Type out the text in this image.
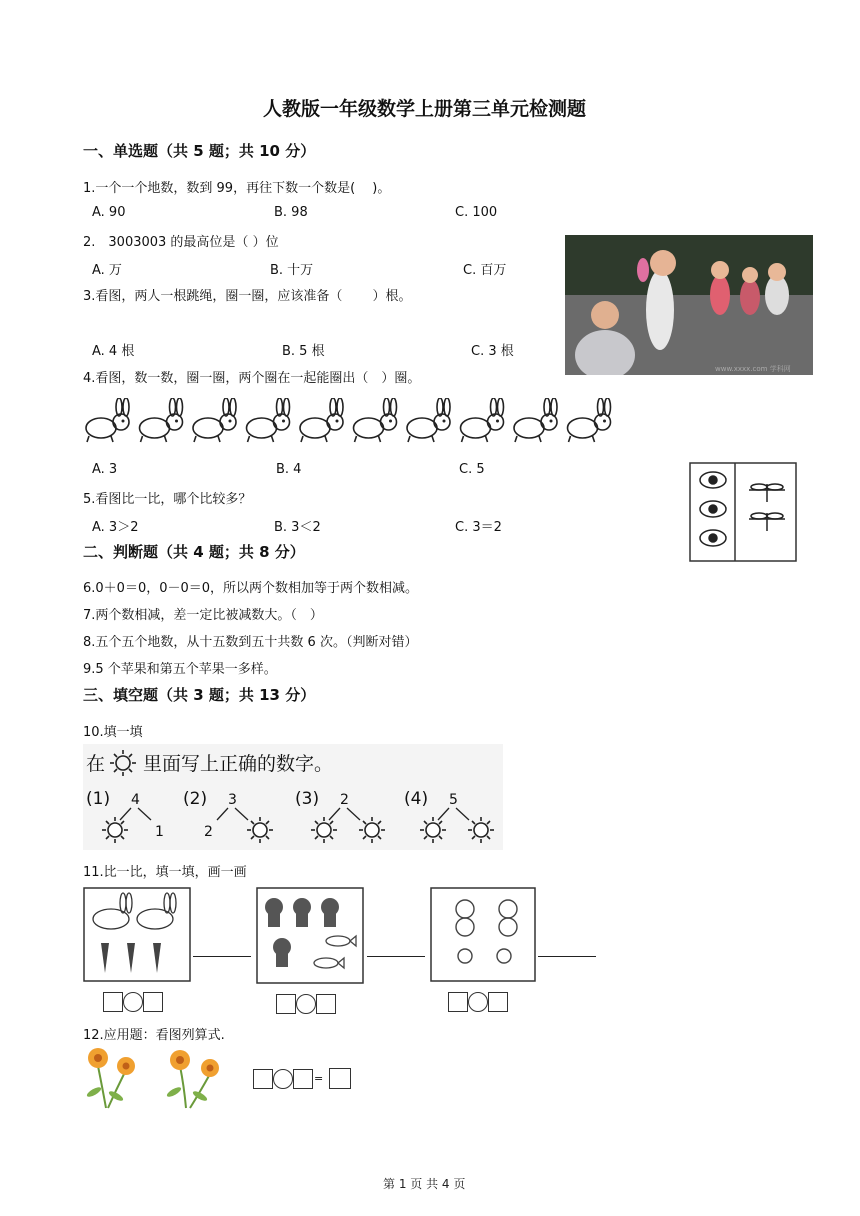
人教版一年级数学上册第三单元检测题
一、单选题（共 5 题；共 10 分）
1.一个一个地数，数到 99，再往下数一个数是(　 )。
A. 90	B. 98	C. 100
2.　3003003 的最高位是（ ）位
A. 万	B. 十万	C. 百万
www.xxxx.com 学科网
3.看图，两人一根跳绳，圈一圈，应该准备（　　 ）根。
A. 4 根	B. 5 根	C. 3 根
4.看图，数一数，圈一圈，两个圈在一起能圈出（　）圈。
A. 3	B. 4	C. 5
5.看图比一比，哪个比较多？
A. 3＞2	B. 3＜2	C. 3＝2
二、判断题（共 4 题；共 8 分）
6.0＋0＝0，0－0＝0，所以两个数相加等于两个数相减。
7.两个数相减，差一定比被减数大。（　）
8.五个五个地数，从十五数到五十共数 6 次。（判断对错）
9.5 个苹果和第五个苹果一多样。
三、填空题（共 3 题；共 13 分）
10.填一填
在 里面写上正确的数字。
(1) 4
1
(2) 3
2
(3) 2	(4) 5
11.比一比，填一填，画一画
12.应用题：看图列算式.
=
第 1 页 共 4 页
